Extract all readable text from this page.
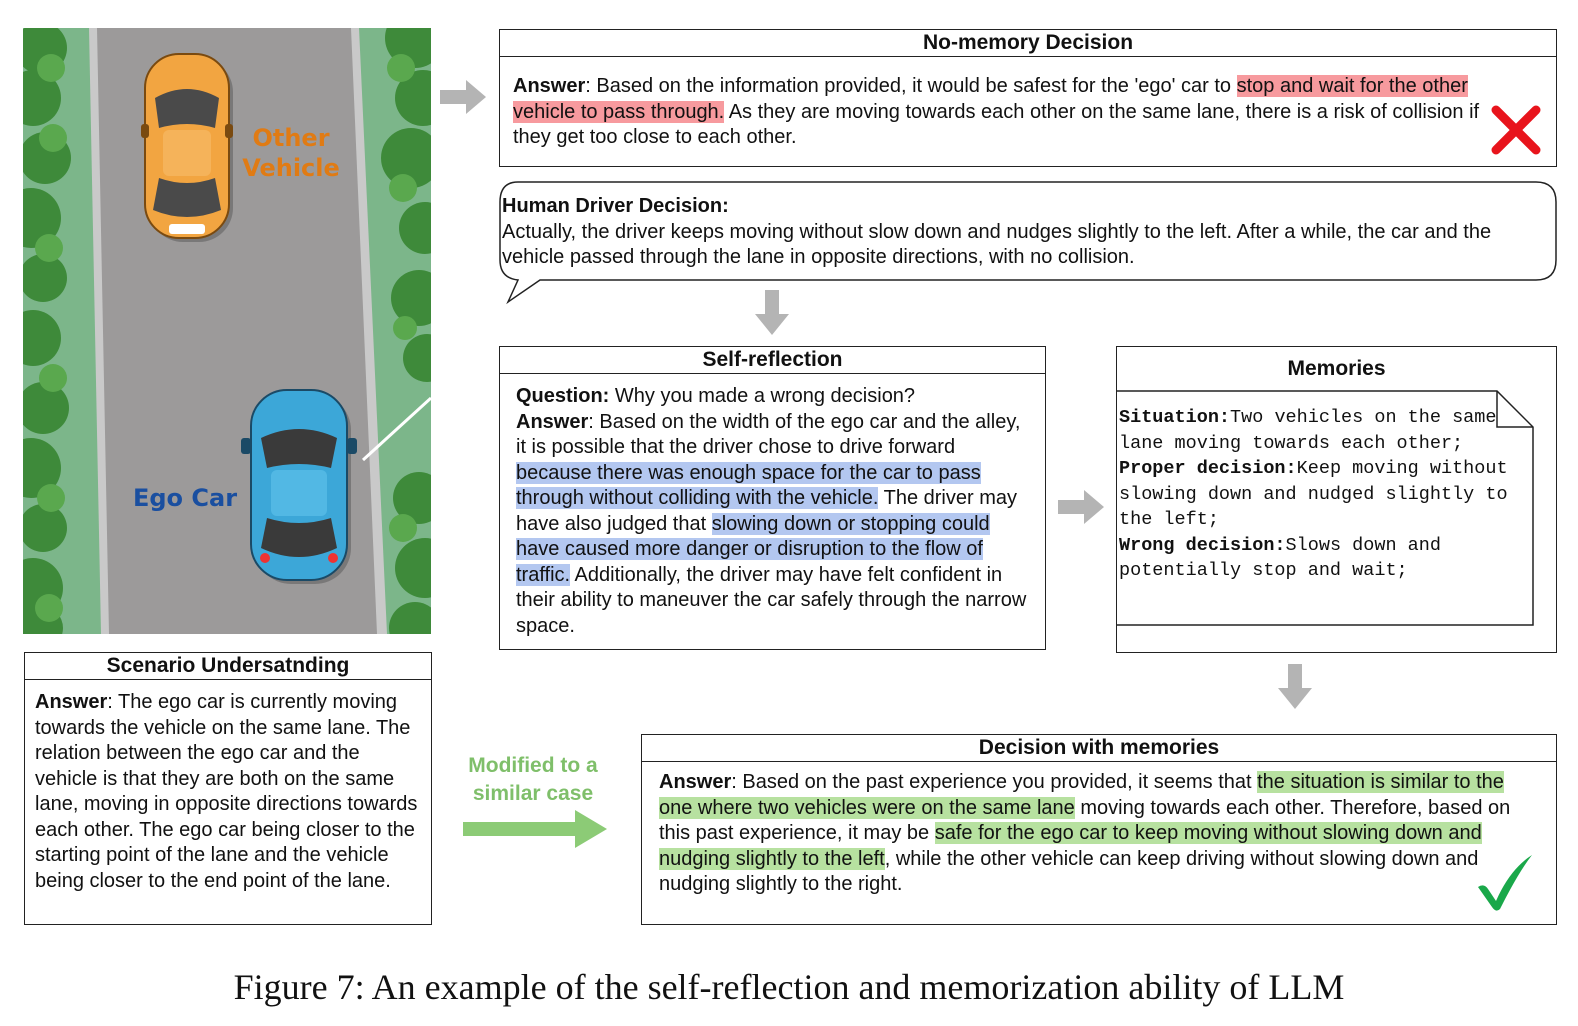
Other
Vehicle
Ego Car
No-memory Decision
Answer: Based on the information provided, it would be safest for the 'ego' car to stop and wait for the other vehicle to pass through. As they are moving towards each other on the same lane, there is a risk of collision if they get too close to each other.
Human Driver Decision:
Actually, the driver keeps moving without slow down and nudges slightly to the left. After a while, the car and the vehicle passed through the lane in opposite directions, with no collision.
Self-reflection
Question: Why you made a wrong decision?
Answer: Based on the width of the ego car and the alley, it is possible that the driver chose to drive forward because there was enough space for the car to pass through without colliding with the vehicle. The driver may have also judged that slowing down or stopping could have caused more danger or disruption to the flow of traffic. Additionally, the driver may have felt confident in their ability to maneuver the car safely through the narrow space.
Memories
Situation:Two vehicles on the same lane moving towards each other;
Proper decision:Keep moving without slowing down and nudged slightly to the left;
Wrong decision:Slows down and potentially stop and wait;
Scenario Undersatnding
Answer: The ego car is currently moving towards the vehicle on the same lane. The relation between the ego car and the vehicle is that they are both on the same lane, moving in opposite directions towards each other. The ego car being closer to the starting point of the lane and the vehicle being closer to the end point of the lane.
Modified to a
similar case
Decision with memories
Answer: Based on the past experience you provided, it seems that the situation is similar to the one where two vehicles were on the same lane moving towards each other. Therefore, based on this past experience, it may be safe for the ego car to keep moving without slowing down and nudging slightly to the left, while the other vehicle can keep driving without slowing down and nudging slightly to the right.
Figure 7: An example of the self-reflection and memorization ability of LLM
